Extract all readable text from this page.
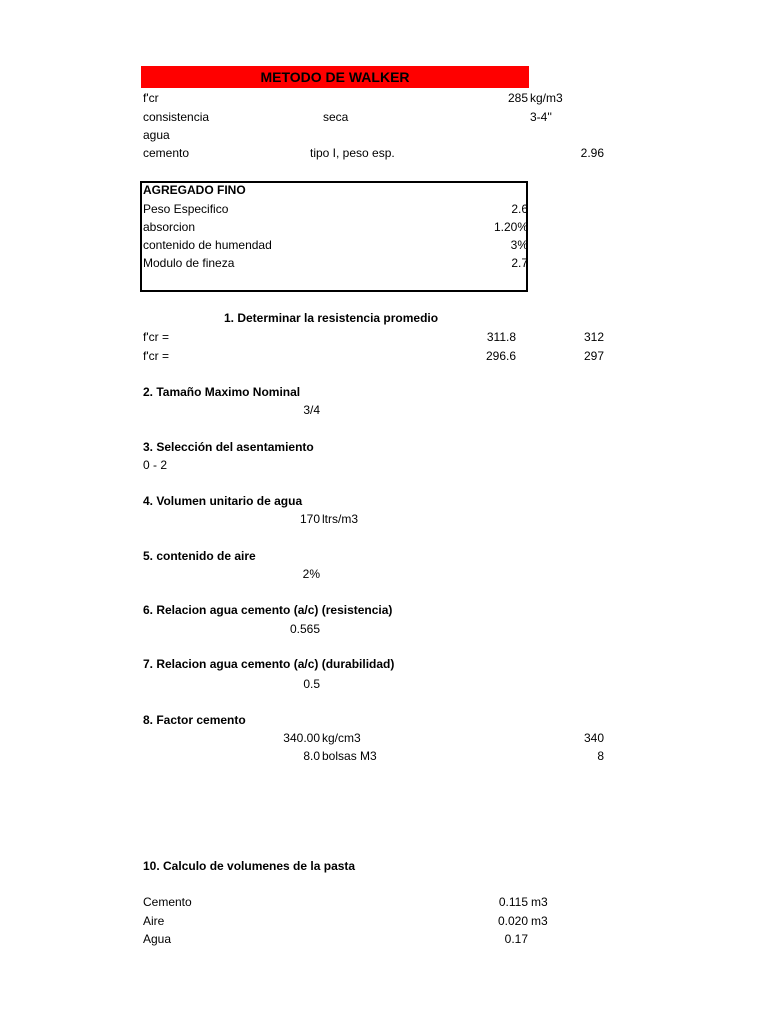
METODO DE WALKER
f'cr	285 kg/m3
consistencia	seca	3-4''
agua
cemento	tipo I, peso esp.	2.96
AGREGADO FINO
Peso Especifico	2.6
absorcion	1.20%
contenido de humendad	3%
Modulo de fineza	2.7
1. Determinar la resistencia promedio
f'cr =	311.8	312
f'cr =	296.6	297
2. Tamaño Maximo Nominal
3/4
3. Selección del asentamiento
0 - 2
4. Volumen unitario de agua
170 ltrs/m3
5. contenido de aire
2%
6. Relacion agua cemento (a/c) (resistencia)
0.565
7. Relacion agua cemento (a/c) (durabilidad)
0.5
8. Factor cemento
340.00 kg/cm3	340
8.0 bolsas M3	8
10. Calculo de volumenes de la pasta
Cemento	0.115 m3
Aire	0.020 m3
Agua	0.17
